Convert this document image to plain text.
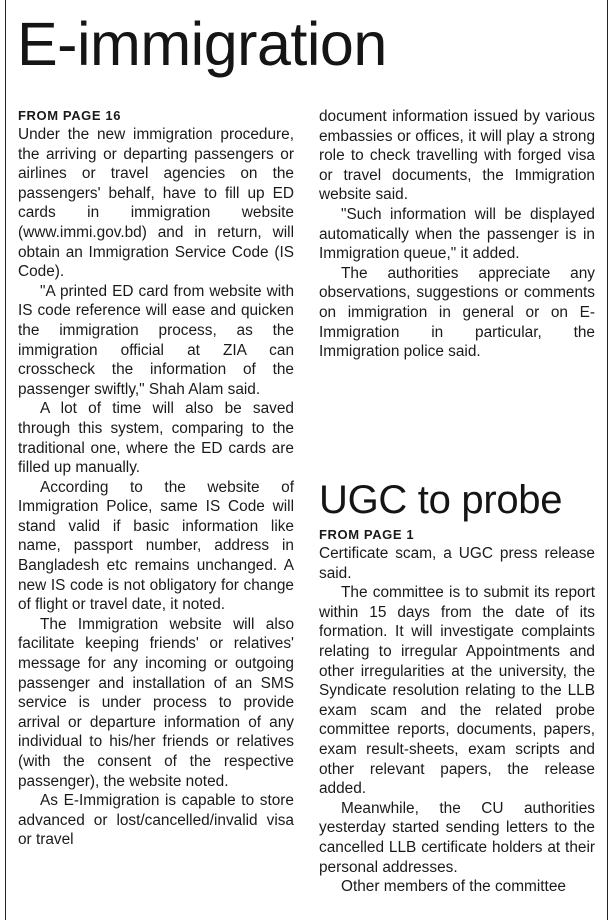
E-immigration
FROM PAGE 16

Under the new immigration procedure, the arriving or departing passengers or airlines or travel agencies on the passengers' behalf, have to fill up ED cards in immigration website (www.immi.gov.bd) and in return, will obtain an Immigration Service Code (IS Code).

"A printed ED card from website with IS code reference will ease and quicken the immigration process, as the immigration official at ZIA can crosscheck the information of the passenger swiftly," Shah Alam said.

A lot of time will also be saved through this system, comparing to the traditional one, where the ED cards are filled up manually.

According to the website of Immigration Police, same IS Code will stand valid if basic information like name, passport number, address in Bangladesh etc remains unchanged. A new IS code is not obligatory for change of flight or travel date, it noted.

The Immigration website will also facilitate keeping friends' or relatives' message for any incoming or outgoing passenger and installation of an SMS service is under process to provide arrival or departure information of any individual to his/her friends or relatives (with the consent of the respective passenger), the website noted.

As E-Immigration is capable to store advanced or lost/cancelled/invalid visa or travel

document information issued by various embassies or offices, it will play a strong role to check travelling with forged visa or travel documents, the Immigration website said.

"Such information will be displayed automatically when the passenger is in Immigration queue," it added.

The authorities appreciate any observations, suggestions or comments on immigration in general or on E-Immigration in particular, the Immigration police said.

UGC to probe
FROM PAGE 1

Certificate scam, a UGC press release said.

The committee is to submit its report within 15 days from the date of its formation. It will investigate complaints relating to irregular Appointments and other irregularities at the university, the Syndicate resolution relating to the LLB exam scam and the related probe committee reports, documents, papers, exam result-sheets, exam scripts and other relevant papers, the release added.

Meanwhile, the CU authorities yesterday started sending letters to the cancelled LLB certificate holders at their personal addresses.

Other members of the committee
